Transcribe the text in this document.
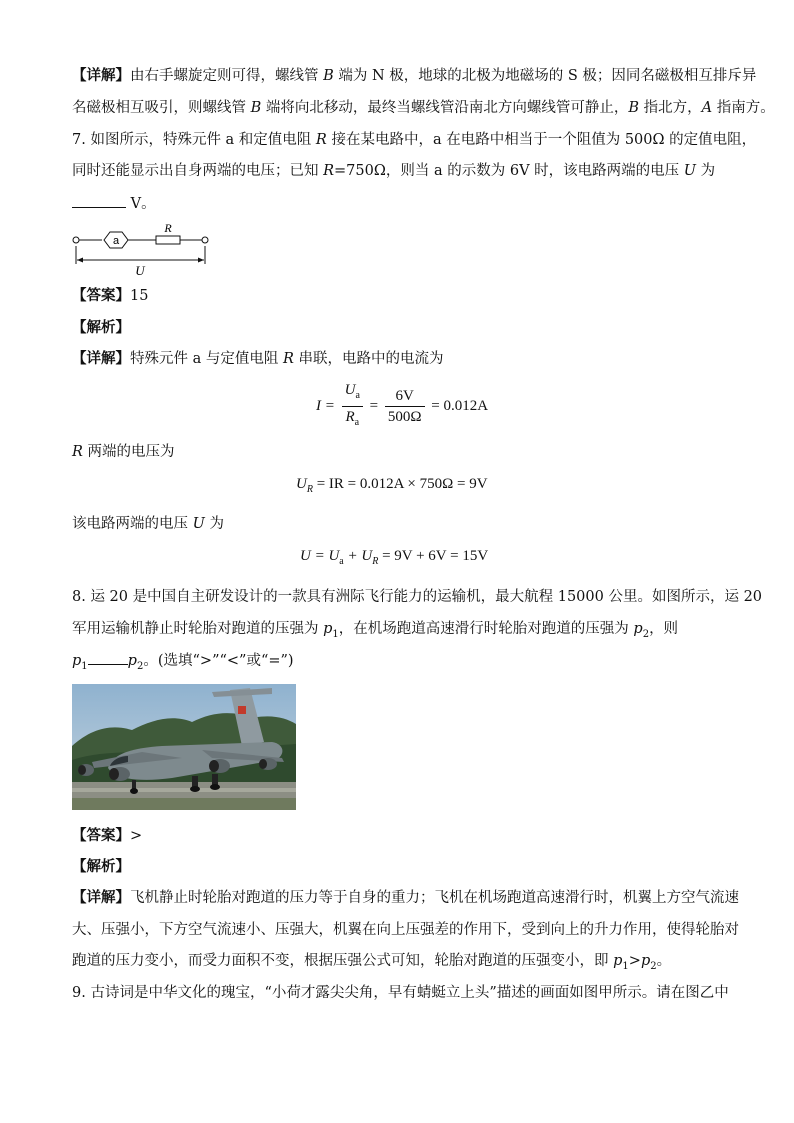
【详解】由右手螺旋定则可得，螺线管 B 端为 N 极，地球的北极为地磁场的 S 极；因同名磁极相互排斥异
名磁极相互吸引，则螺线管 B 端将向北移动，最终当螺线管沿南北方向螺线管可静止，B 指北方，A 指南方。
7. 如图所示，特殊元件 a 和定值电阻 R 接在某电路中，a 在电路中相当于一个阻值为 500Ω 的定值电阻，
同时还能显示出自身两端的电压；已知 R=750Ω，则当 a 的示数为 6V 时，该电路两端的电压 U 为
V。
a
R
U
【答案】15
【解析】
【详解】特殊元件 a 与定值电阻 R 串联，电路中的电流为
$I = \frac{U_a}{R_a} = \frac{6V}{500\Omega} = 0.012A$
R 两端的电压为
$U_R$ = IR = 0.012A × 750Ω = 9V
该电路两端的电压 U 为
$U = U_a + U_R = 9V + 6V = 15V$
8. 运 20 是中国自主研发设计的一款具有洲际飞行能力的运输机，最大航程 15000 公里。如图所示，运 20
军用运输机静止时轮胎对跑道的压强为 $p_1$，在机场跑道高速滑行时轮胎对跑道的压强为 $p_2$，则
$p_1$	$p_2$。(选填“>”“<”或“=”)
【答案】>
【解析】
【详解】飞机静止时轮胎对跑道的压力等于自身的重力；飞机在机场跑道高速滑行时，机翼上方空气流速
大、压强小，下方空气流速小、压强大，机翼在向上压强差的作用下，受到向上的升力作用，使得轮胎对
跑道的压力变小，而受力面积不变，根据压强公式可知，轮胎对跑道的压强变小，即 $p_1>p_2$。
9. 古诗词是中华文化的瑰宝，“小荷才露尖尖角，早有蜻蜓立上头”描述的画面如图甲所示。请在图乙中
